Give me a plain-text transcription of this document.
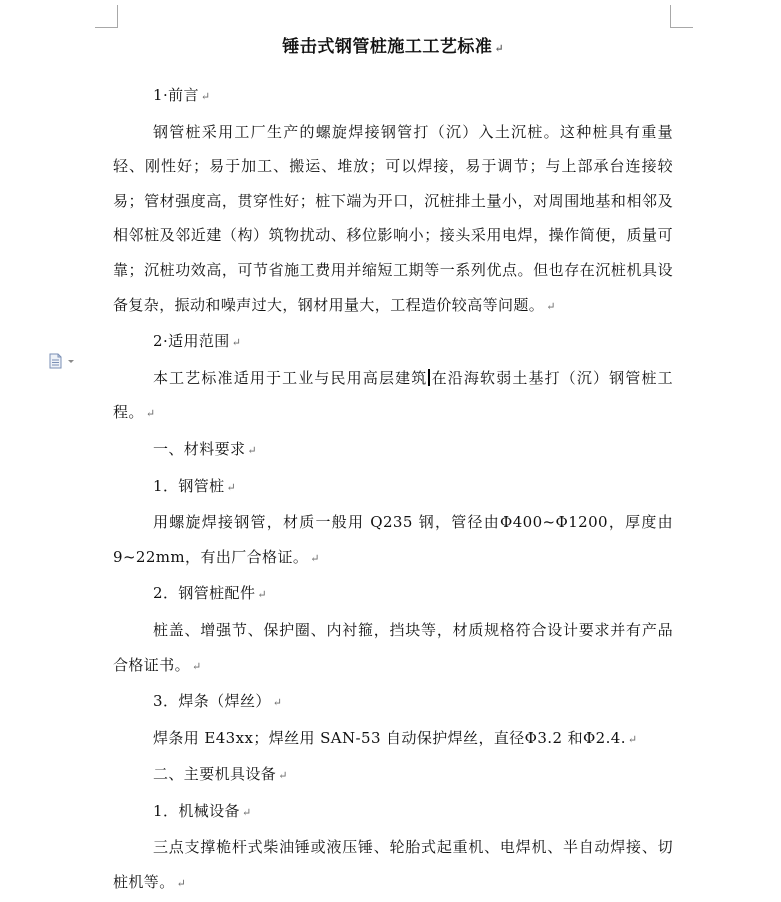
锤击式钢管桩施工工艺标准 ↵

1·前言 ↵

钢管桩采用工厂生产的螺旋焊接钢管打（沉）入土沉桩。这种桩具有重量轻、刚性好；易于加工、搬运、堆放；可以焊接，易于调节；与上部承台连接较易；管材强度高，贯穿性好；桩下端为开口，沉桩排土量小，对周围地基和相邻及相邻桩及邻近建（构）筑物扰动、移位影响小；接头采用电焊，操作简便，质量可靠；沉桩功效高，可节省施工费用并缩短工期等一系列优点。但也存在沉桩机具设备复杂，振动和噪声过大，钢材用量大，工程造价较高等问题。 ↵

2·适用范围 ↵

本工艺标准适用于工业与民用高层建筑 在沿海软弱土基打（沉）钢管桩工程。 ↵

一、材料要求 ↵

1．钢管桩 ↵

用螺旋焊接钢管，材质一般用 Q235 钢，管径由Φ400~Φ1200，厚度由9~22mm，有出厂合格证。 ↵

2．钢管桩配件 ↵

桩盖、增强节、保护圈、内衬箍，挡块等，材质规格符合设计要求并有产品合格证书。 ↵

3．焊条（焊丝） ↵

焊条用 E43xx；焊丝用 SAN-53 自动保护焊丝，直径Φ3.2 和Φ2.4. ↵

二、主要机具设备 ↵

1．机械设备 ↵

三点支撑桅杆式柴油锤或液压锤、轮胎式起重机、电焊机、半自动焊接、切桩机等。 ↵
